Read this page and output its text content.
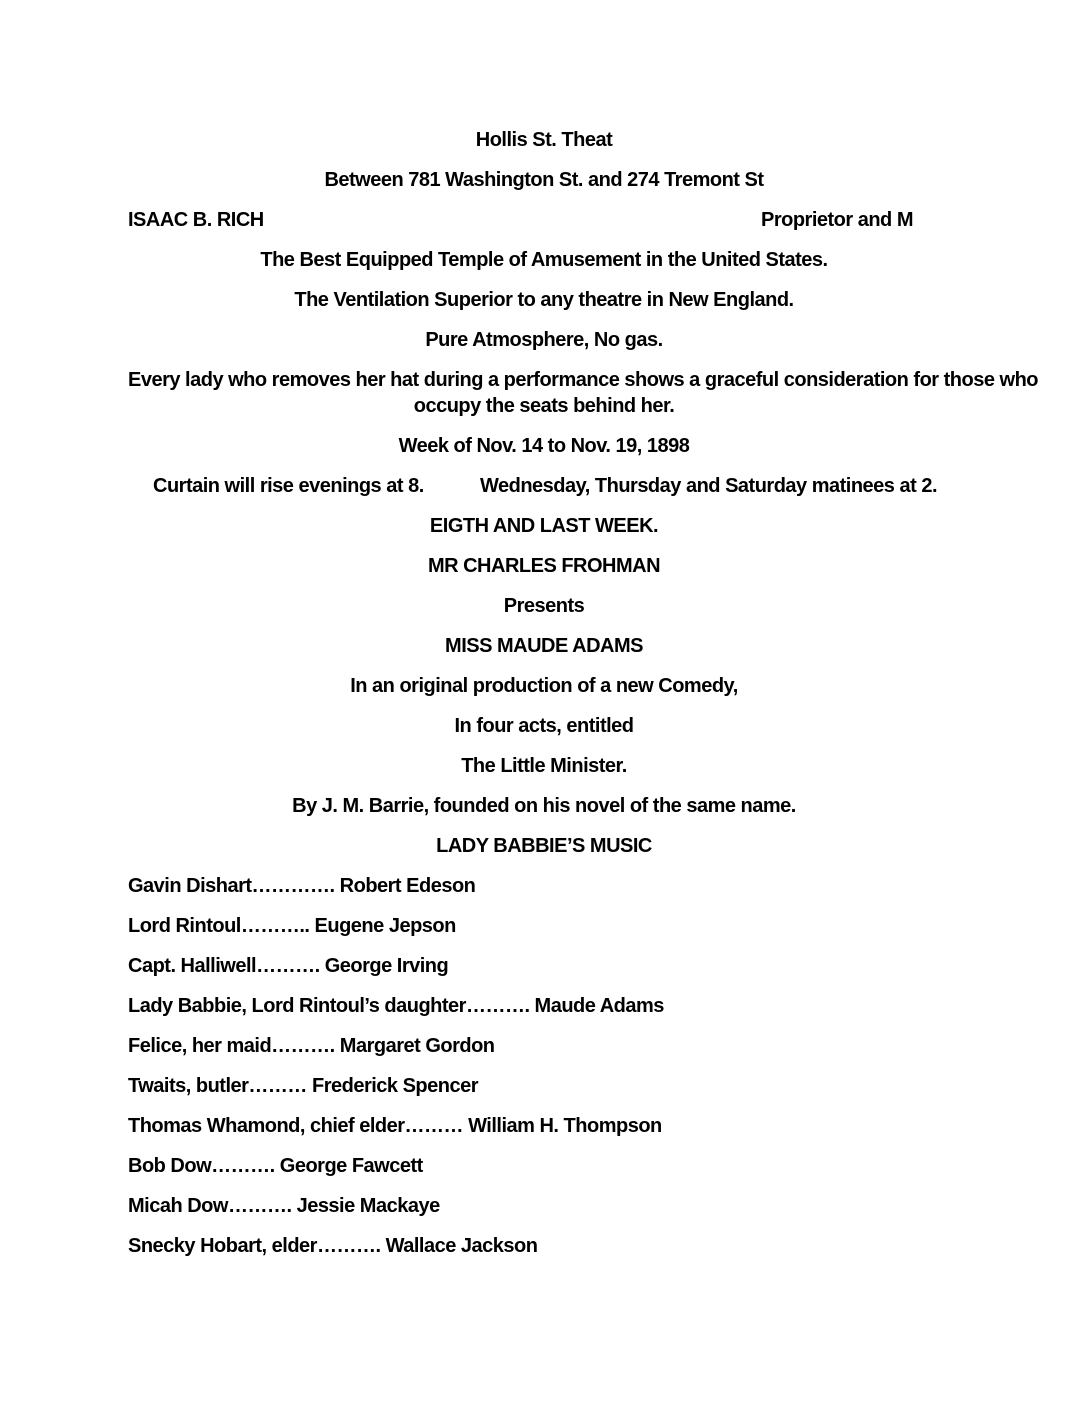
Hollis St. Theat
Between 781 Washington St. and 274 Tremont St
ISAAC B. RICH	Proprietor and M
The Best Equipped Temple of Amusement in the United States.
The Ventilation Superior to any theatre in New England.
Pure Atmosphere, No gas.
Every lady who removes her hat during a performance shows a graceful consideration for those who
occupy the seats behind her.
Week of Nov. 14 to Nov. 19, 1898
Curtain will rise evenings at 8.	Wednesday, Thursday and Saturday matinees at 2.
EIGTH AND LAST WEEK.
MR CHARLES FROHMAN
Presents
MISS MAUDE ADAMS
In an original production of a new Comedy,
In four acts, entitled
The Little Minister.
By J. M. Barrie, founded on his novel of the same name.
LADY BABBIE’S MUSIC
Gavin Dishart…………. Robert Edeson
Lord Rintoul……….. Eugene Jepson
Capt. Halliwell………. George Irving
Lady Babbie, Lord Rintoul’s daughter………. Maude Adams
Felice, her maid………. Margaret Gordon
Twaits, butler……… Frederick Spencer
Thomas Whamond, chief elder……… William H. Thompson
Bob Dow………. George Fawcett
Micah Dow………. Jessie Mackaye
Snecky Hobart, elder………. Wallace Jackson
